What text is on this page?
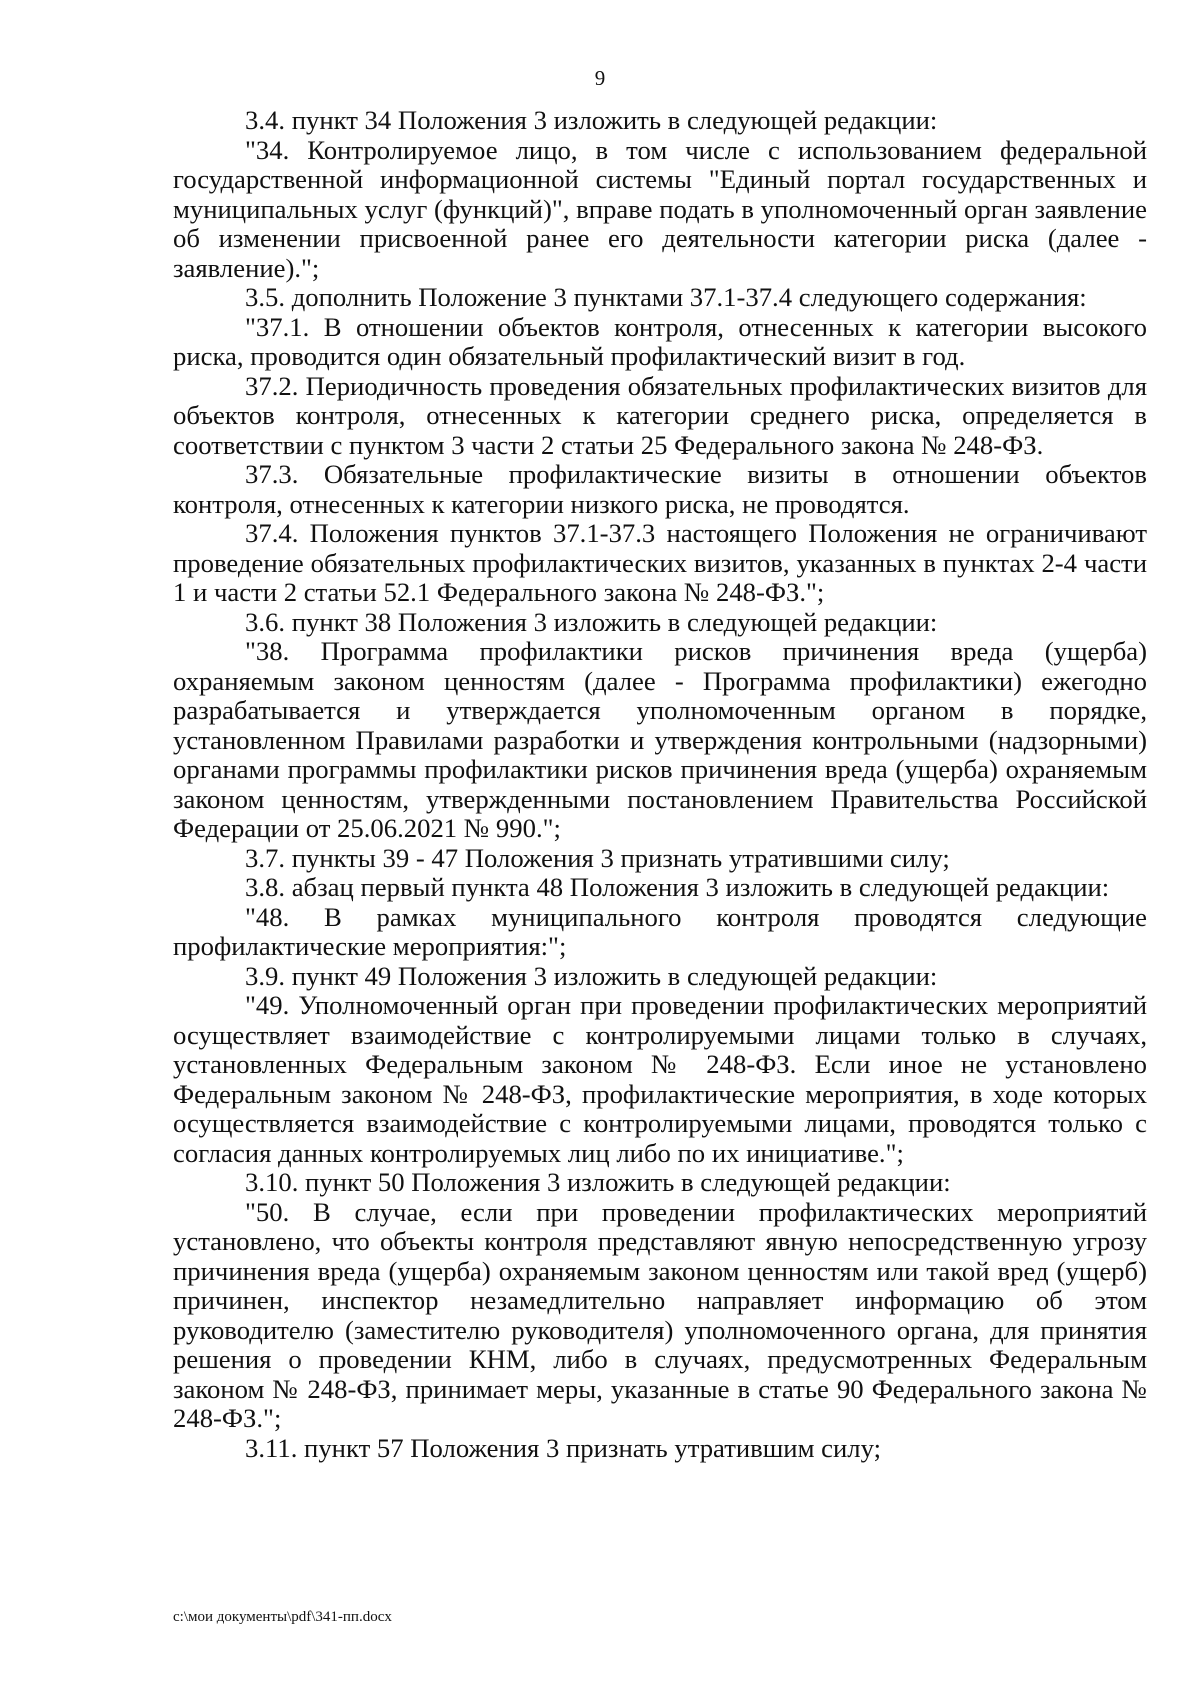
9

3.4. пункт 34 Положения 3 изложить в следующей редакции:

"34. Контролируемое лицо, в том числе с использованием федеральной государственной информационной системы "Единый портал государственных и муниципальных услуг (функций)", вправе подать в уполномоченный орган заявление об изменении присвоенной ранее его деятельности категории риска (далее - заявление).";

3.5. дополнить Положение 3 пунктами 37.1-37.4 следующего содержания:

"37.1. В отношении объектов контроля, отнесенных к категории высокого риска, проводится один обязательный профилактический визит в год.

37.2. Периодичность проведения обязательных профилактических визитов для объектов контроля, отнесенных к категории среднего риска, определяется в соответствии с пунктом 3 части 2 статьи 25 Федерального закона № 248-ФЗ.

37.3. Обязательные профилактические визиты в отношении объектов контроля, отнесенных к категории низкого риска, не проводятся.

37.4. Положения пунктов 37.1-37.3 настоящего Положения не ограничивают проведение обязательных профилактических визитов, указанных в пунктах 2-4 части 1 и части 2 статьи 52.1 Федерального закона № 248-ФЗ.";

3.6. пункт 38 Положения 3 изложить в следующей редакции:

"38. Программа профилактики рисков причинения вреда (ущерба) охраняемым законом ценностям (далее - Программа профилактики) ежегодно разрабатывается и утверждается уполномоченным органом в порядке, установленном Правилами разработки и утверждения контрольными (надзорными) органами программы профилактики рисков причинения вреда (ущерба) охраняемым законом ценностям, утвержденными постановлением Правительства Российской Федерации от 25.06.2021 № 990.";

3.7. пункты 39 - 47 Положения 3 признать утратившими силу;

3.8. абзац первый пункта 48 Положения 3 изложить в следующей редакции:

"48. В рамках муниципального контроля проводятся следующие профилактические мероприятия:";

3.9. пункт 49 Положения 3 изложить в следующей редакции:

"49. Уполномоченный орган при проведении профилактических мероприятий осуществляет взаимодействие с контролируемыми лицами только в случаях, установленных Федеральным законом № 248-ФЗ. Если иное не установлено Федеральным законом № 248-ФЗ, профилактические мероприятия, в ходе которых осуществляется взаимодействие с контролируемыми лицами, проводятся только с согласия данных контролируемых лиц либо по их инициативе.";

3.10. пункт 50 Положения 3 изложить в следующей редакции:

"50. В случае, если при проведении профилактических мероприятий установлено, что объекты контроля представляют явную непосредственную угрозу причинения вреда (ущерба) охраняемым законом ценностям или такой вред (ущерб) причинен, инспектор незамедлительно направляет информацию об этом руководителю (заместителю руководителя) уполномоченного органа, для принятия решения о проведении КНМ, либо в случаях, предусмотренных Федеральным законом № 248-ФЗ, принимает меры, указанные в статье 90 Федерального закона № 248-ФЗ.";

3.11. пункт 57 Положения 3 признать утратившим силу;

c:\мои документы\pdf\341-пп.docx
